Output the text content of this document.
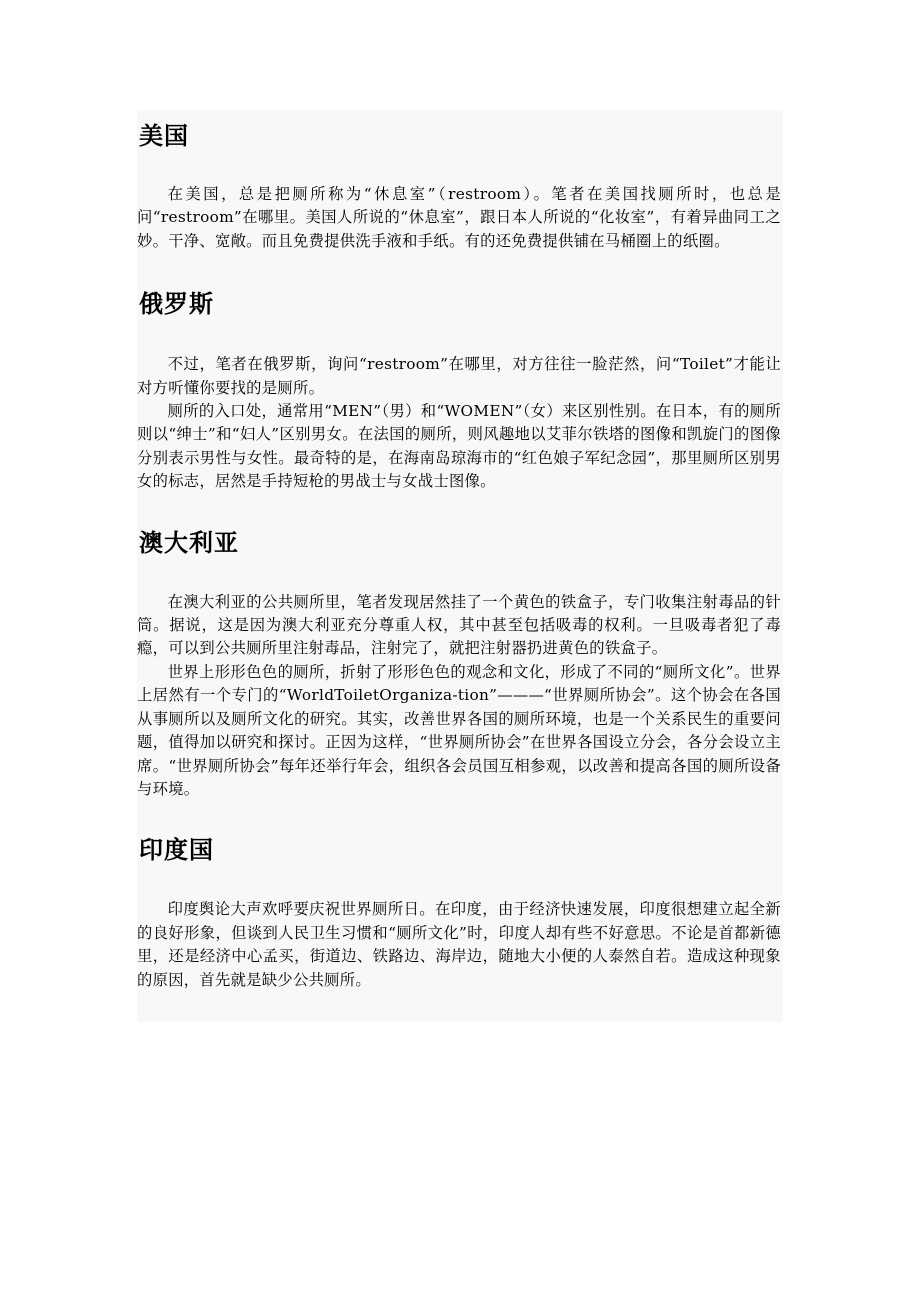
美国

在美国，总是把厕所称为“休息室”（restroom）。笔者在美国找厕所时，也总是问“restroom”在哪里。美国人所说的“休息室”，跟日本人所说的“化妆室”，有着异曲同工之妙。干净、宽敞。而且免费提供洗手液和手纸。有的还免费提供铺在马桶圈上的纸圈。

俄罗斯

不过，笔者在俄罗斯，询问“restroom”在哪里，对方往往一脸茫然，问“Toilet”才能让对方听懂你要找的是厕所。

厕所的入口处，通常用“MEN”（男）和“WOMEN”（女）来区别性别。在日本，有的厕所则以“绅士”和“妇人”区别男女。在法国的厕所，则风趣地以艾菲尔铁塔的图像和凯旋门的图像分别表示男性与女性。最奇特的是，在海南岛琼海市的“红色娘子军纪念园”，那里厕所区别男女的标志，居然是手持短枪的男战士与女战士图像。

澳大利亚

在澳大利亚的公共厕所里，笔者发现居然挂了一个黄色的铁盒子，专门收集注射毒品的针筒。据说，这是因为澳大利亚充分尊重人权，其中甚至包括吸毒的权利。一旦吸毒者犯了毒瘾，可以到公共厕所里注射毒品，注射完了，就把注射器扔进黄色的铁盒子。

世界上形形色色的厕所，折射了形形色色的观念和文化，形成了不同的“厕所文化”。世界上居然有一个专门的“WorldToiletOrganiza-tion”———“世界厕所协会”。这个协会在各国从事厕所以及厕所文化的研究。其实，改善世界各国的厕所环境，也是一个关系民生的重要问题，值得加以研究和探讨。正因为这样，“世界厕所协会”在世界各国设立分会，各分会设立主席。“世界厕所协会”每年还举行年会，组织各会员国互相参观，以改善和提高各国的厕所设备与环境。

印度国

印度舆论大声欢呼要庆祝世界厕所日。在印度，由于经济快速发展，印度很想建立起全新的良好形象，但谈到人民卫生习惯和“厕所文化”时，印度人却有些不好意思。不论是首都新德里，还是经济中心孟买，街道边、铁路边、海岸边，随地大小便的人泰然自若。造成这种现象的原因，首先就是缺少公共厕所。
